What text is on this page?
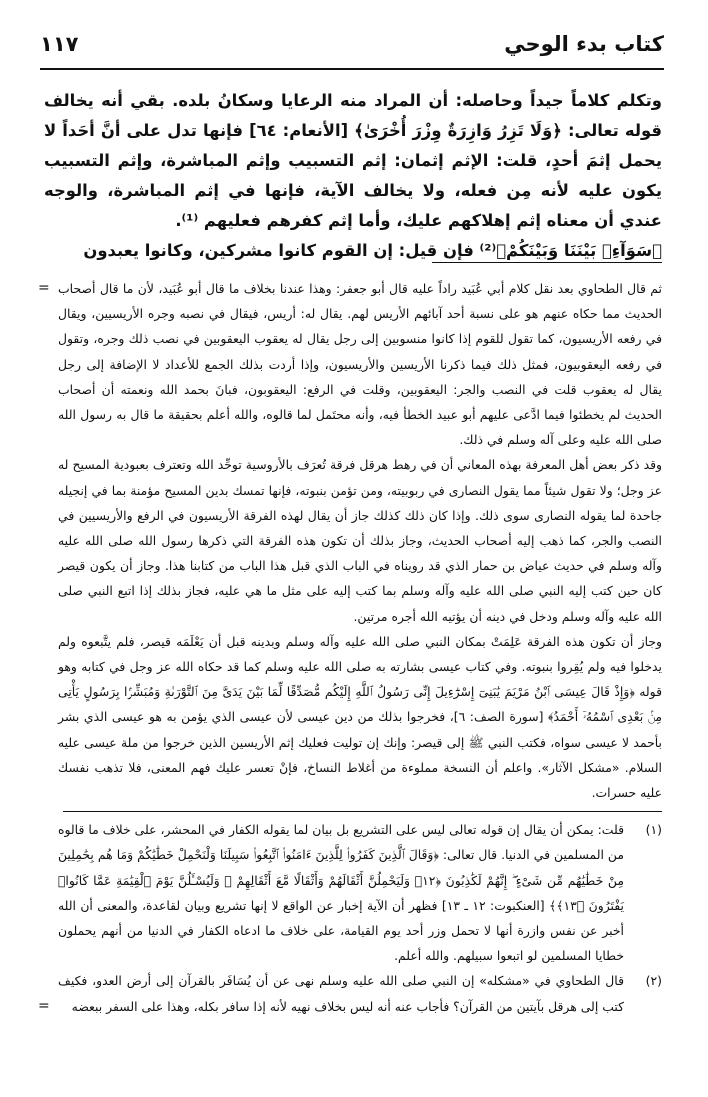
١١٧	كتاب بدء الوحي

وتكلم كلاماً جيداً وحاصله: أن المراد منه الرعايا وسكانُ بلده. بقي أنه يخالف قوله تعالى: ﴿وَلَا تَزِرُ وَازِرَةٌ وِزْرَ أُخْرَىٰ﴾ [الأنعام: ٦٤] فإنها تدل على أنَّ أحَداً لا يحمل إثمَ أحدٍ، قلت: الإثم إثمان: إثم التسبيب وإثم المباشرة، وإثم التسبيب يكون عليه لأنه مِن فعله، ولا يخالف الآية، فإنها في إثم المباشرة، والوجه عندي أن معناه إثم إهلاكهم عليك، وأما إثم كفرهم فعليهم ⁽¹⁾.

﴿سَوَآءِۭ بَيْنَنَا وَبَيْنَكُمْ﴾⁽²⁾ فإن قيل: إن القوم كانوا مشركين، وكانوا يعبدون

= ثم قال الطحاوي بعد نقل كلام أبي عُبَيد راداً عليه قال أبو جعفر: وهذا عندنا بخلاف ما قال أبو عُبَيد، لأن ما قال أصحاب الحديث مما حكاه عنهم هو على نسبة أحد آبائهم الأريس لهم. يقال له: أريس، فيقال في نصبه وجره الأريسيين، ويقال في رفعه الأريسيون، كما تقول للقوم إذا كانوا منسوبين إلى رجل يقال له يعقوب اليعقوبين في نصب ذلك وجره، وتقول في رفعه اليعقوبيون، فمثل ذلك فيما ذكرنا الأريسين والأريسيون، وإذا أردت بذلك الجمع للأعداد لا الإضافة إلى رجل يقال له يعقوب قلت في النصب والجر: اليعقوبين، وقلت في الرفع: اليعقوبون، فبانَ بحمد الله ونعمته أن أصحاب الحديث لم يخطئوا فيما ادَّعى عليهم أبو عبيد الخطأ فيه، وأنه محتَمل لما قالوه، والله أعلم بحقيقة ما قال به رسول الله صلى الله عليه وعلى آله وسلم في ذلك.

وقد ذكر بعض أهل المعرفة بهذه المعاني أن في رهط هرقل فرقة تُعرَف بالأروسية توحِّد الله وتعترف بعبودية المسيح له عز وجل؛ ولا تقول شيئاً مما يقول النصارى في ربوبيته، ومن تؤمن بنبوته، فإنها تمسك بدين المسيح مؤمنة بما في إنجيله جاحدة لما يقوله النصارى سوى ذلك. وإذا كان ذلك كذلك جاز أن يقال لهذه الفرقة الأريسيون في الرفع والأريسيين في النصب والجر، كما ذهب إليه أصحاب الحديث، وجاز بذلك أن تكون هذه الفرقة التي ذكرها رسول الله صلى الله عليه وآله وسلم في حديث عياض بن حمار الذي قد رويناه في الباب الذي قبل هذا الباب من كتابنا هذا. وجاز أن يكون قيصر كان حين كتب إليه النبي صلى الله عليه وآله وسلم بما كتب إليه على مثل ما هي عليه، فجاز بذلك إذا اتبع النبي صلى الله عليه وآله وسلم ودخل في دينه أن يؤتيه الله أجره مرتين.

وجاز أن تكون هذه الفرقة عَلِمَتْ بمكان النبي صلى الله عليه وآله وسلم وبدينه قبل أن يَعْلَمَه قيصر، فلم يتَّبعوه ولم يدخلوا فيه ولم يُقِروا بنبوته. وفي كتاب عيسى بشارته به صلى الله عليه وسلم كما قد حكاه الله عز وجل في كتابه وهو قوله ﴿وَإِذْ قَالَ عِيسَى ٱبْنُ مَرْيَمَ يَٰبَنِىٓ إِسْرَٰٓءِيلَ إِنِّى رَسُولُ ٱللَّهِ إِلَيْكُم مُّصَدِّقًا لِّمَا بَيْنَ يَدَىَّ مِنَ ٱلتَّوْرَىٰةِ وَمُبَشِّرًۢا بِرَسُولٍ يَأْتِى مِنۢ بَعْدِى ٱسْمُهُۥٓ أَحْمَدُ﴾ [سورة الصف: ٦]، فخرجوا بذلك من دين عيسى لأن عيسى الذي يؤمن به هو عيسى الذي بشر بأحمد لا عيسى سواه، فكتب النبي ﷺ إلى قيصر: وإنك إن توليت فعليك إثم الأريسين الذين خرجوا من ملة عيسى عليه السلام. «مشكل الآثار». واعلم أن النسخة مملوءة من أغلاط النساخ، فإنْ تعسر عليك فهم المعنى، فلا تذهب نفسك عليه حسرات.

(١)

قلت: يمكن أن يقال إن قوله تعالى ليس على التشريع بل بيان لما يقوله الكفار في المحشر، على خلاف ما قالوه من المسلمين في الدنيا. قال تعالى: ﴿وَقَالَ ٱلَّذِينَ كَفَرُوا۟ لِلَّذِينَ ءَامَنُوا۟ ٱتَّبِعُوا۟ سَبِيلَنَا وَلْنَحْمِلْ خَطَٰيَٰكُمْ وَمَا هُم بِحَٰمِلِينَ مِنْ خَطَٰيَٰهُم مِّن شَىْءٍ ۖ إِنَّهُمْ لَكَٰذِبُونَ ﴿١٢﴾ وَلَيَحْمِلُنَّ أَثْقَالَهُمْ وَأَثْقَالًا مَّعَ أَثْقَالِهِمْ ۖ وَلَيُسْـَٔلُنَّ يَوْمَ ٱلْقِيَٰمَةِ عَمَّا كَانُوا۟ يَفْتَرُونَ ﴿١٣﴾﴾ [العنكبوت: ١٢ ـ ١٣] فظهر أن الآية إخبار عن الواقع لا إنها تشريع وبيان لقاعدة، والمعنى أن الله أخبر عن نفس وازرة أنها لا تحمل وزر أحد يوم القيامة، على خلاف ما ادعاه الكفار في الدنيا من أنهم يحملون خطايا المسلمين لو اتبعوا سبيلهم. والله أعلم.

(٢)

قال الطحاوي في «مشكله» إن النبي صلى الله عليه وسلم نهى عن أن يُسَافَر بالقرآن إلى أرض العدو، فكيف كتب إلى هرقل بآيتين من القرآن؟ فأجاب عنه أنه ليس بخلاف نهيه لأنه إذا سافر بكله، وهذا على السفر ببعضه

=
